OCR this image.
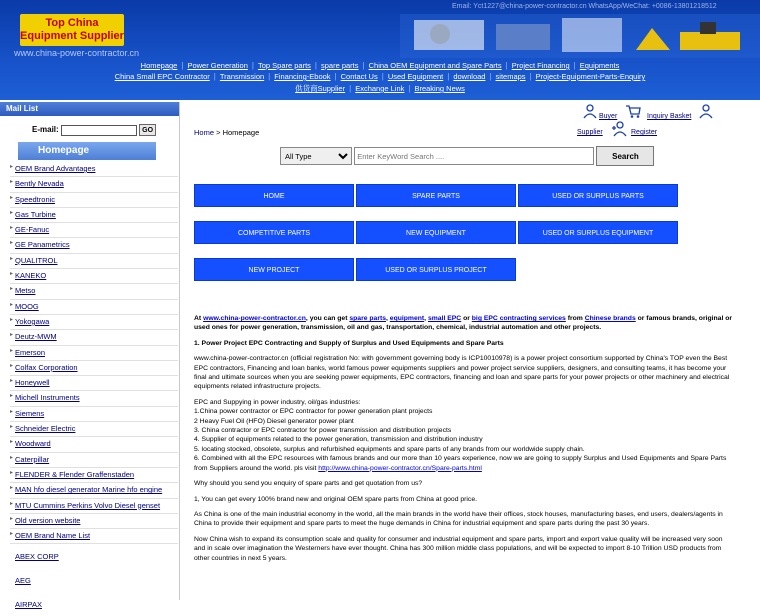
Top China
Equipment Supplier
www.china-power-contractor.cn
Email: Yct1227@china-power-contractor.cn WhatsApp/WeChat: +0086-13801218512
Homepage | Power Generation | Top Spare parts | spare parts | China OEM Equipment and Spare Parts | Project Financing | Equipments
China Small EPC Contractor | Transmission | Financing-Ebook | Contact Us | Used Equipment | download | sitemaps | Project-Equipment-Parts-Enquiry
供货商Supplier | Exchange Link | Breaking News
Mail List
E-mail:	GO
Homepage
▸ OEM Brand Advantages
▸ Bently Nevada
▸ Speedtronic
▸ Gas Turbine
▸ GE-Fanuc
▸ GE Panametrics
▸ QUALITROL
▸ KANEKO
▸ Metso
▸ MOOG
▸ Yokogawa
▸ Deutz-MWM
▸ Emerson
▸ Colfax Corporation
▸ Honeywell
▸ Michell Instruments
▸ Siemens
▸ Schneider Electric
▸ Woodward
▸ Caterpillar
▸ FLENDER & Flender Graffenstaden
▸ MAN hfo diesel generator Marine hfo engine
▸ MTU Cummins Perkins Volvo Diesel genset
▸ Old version website
▸ OEM Brand Name List
ABEX CORP
AEG
AIRPAX
Buyer	Inquiry Basket
Supplier	Register
Home > Homepage
All Type Enter KeyWord Search .... Search
HOME	SPARE PARTS	USED OR SURPLUS PARTS
COMPETITIVE PARTS	NEW EQUIPMENT	USED OR SURPLUS EQUIPMENT
NEW PROJECT	USED OR SURPLUS PROJECT

At www.china-power-contractor.cn, you can get spare parts, equipment, small EPC or big EPC contracting services from Chinese brands or famous brands, original or used ones for power generation, transmission, oil and gas, transportation, chemical, industrial automation and other projects.

1. Power Project EPC Contracting and Supply of Surplus and Used Equipments and Spare Parts

www.china-power-contractor.cn (official registration No: with government governing body is ICP10010978) is a power project consortium supported by China's TOP even the Best EPC contractors, Financing and loan banks, world famous power equipments suppliers and power project service suppliers, designers, and consulting teams, it has become your final and ultimate sources when you are seeking power equipments, EPC contractors, financing and loan and spare parts for your power projects or other machinery and electrical equipments related infrastructure projects.

EPC and Suppying in power industry, oil/gas industries:
1.China power contractor or EPC contractor for power generation plant projects
2 Heavy Fuel Oil (HFO) Diesel generator power plant
3. China contractor or EPC contractor for power transmission and distribution projects
4. Supplier of equipments related to the power generation, transmission and distribution industry
5. locating stocked, obsolete, surplus and refurbished equipments and spare parts of any brands from our worldwide supply chain.

6. Combined with all the EPC resources with famous brands and our more than 10 years experience, now we are going to supply Surplus and Used Equipments and Spare Parts from Suppliers around the world. pls visit http://www.china-power-contractor.cn/Spare-parts.html

Why should you send you enquiry of spare parts and get quotation from us?

1, You can get every 100% brand new and original OEM spare parts from China at good price.

As China is one of the main industrial economy in the world, all the main brands in the world have their offices, stock houses, manufacturing bases, end users, dealers/agents in China to provide their equipment and spare parts to meet the huge demands in China for industrial equipment and spare parts during the past 30 years.

Now China wish to expand its consumption scale and quality for consumer and industrial equipment and spare parts, import and export value quality will be increased very soon and in scale over imagination the Westerners have ever thought. China has 300 million middle class populations, and will be expected to import 8-10 Trillion USD products from other countries in next 5 years.
